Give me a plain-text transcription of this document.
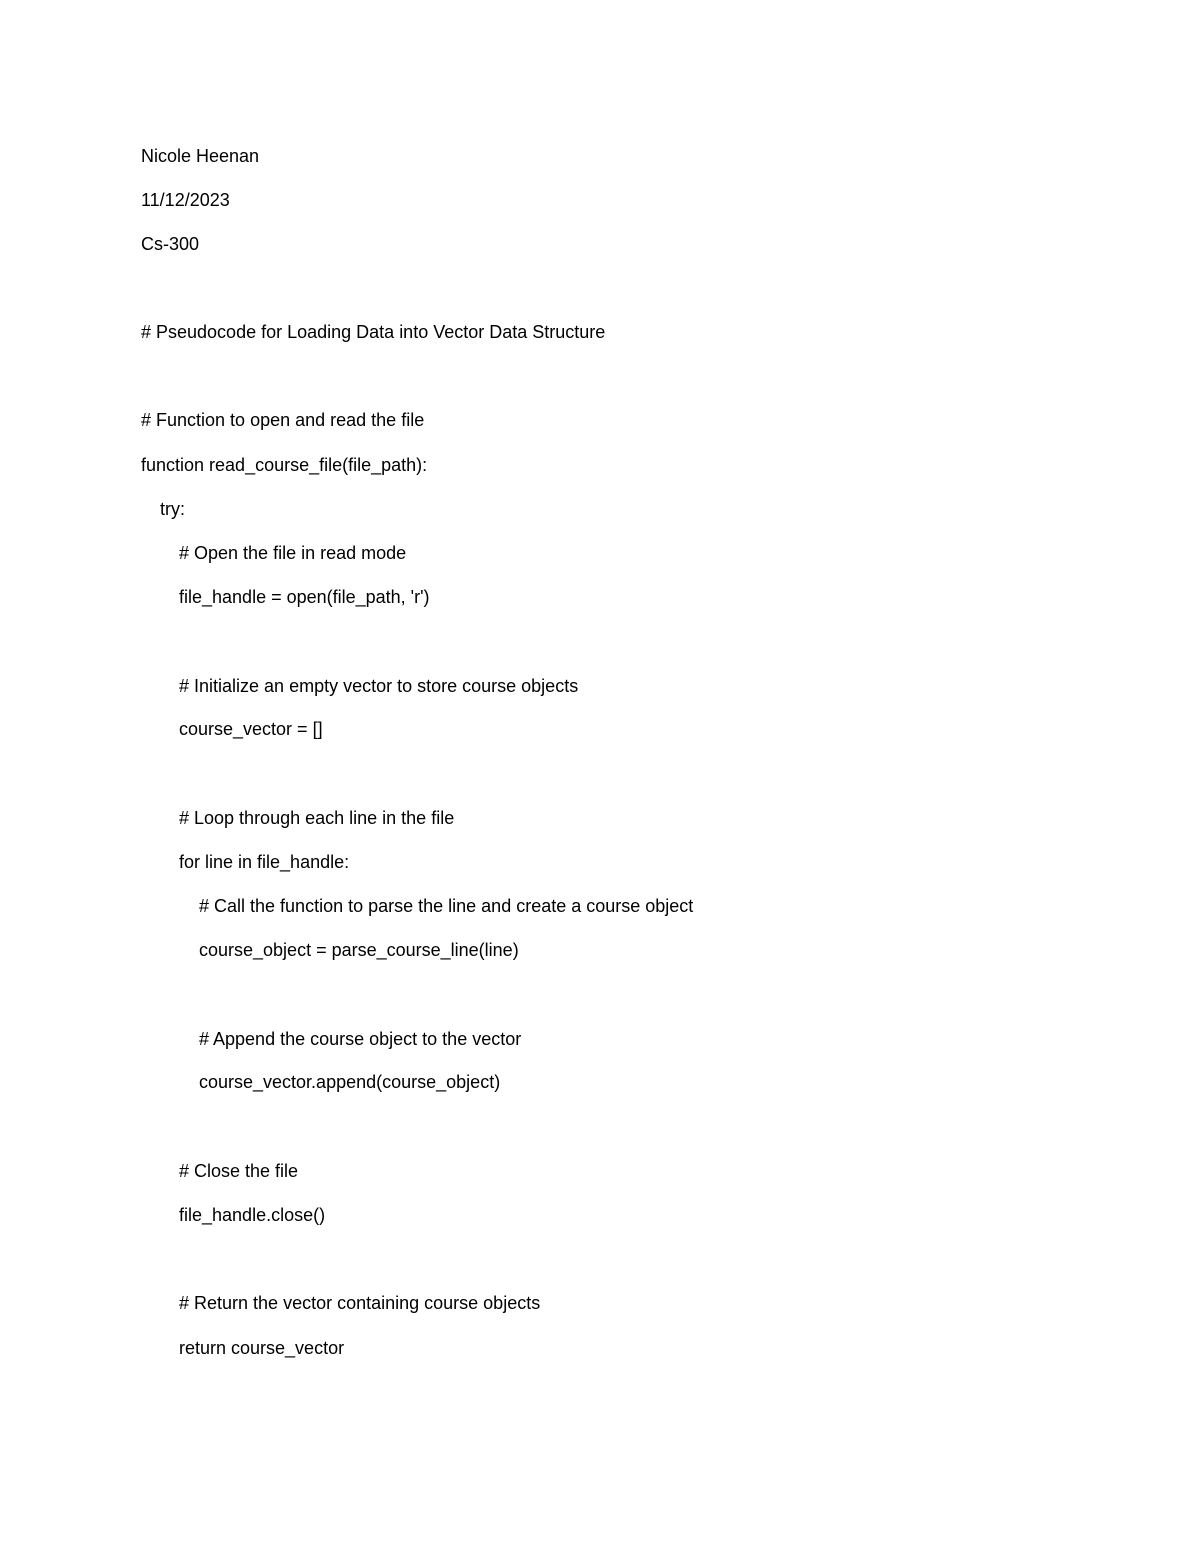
Nicole Heenan
11/12/2023
Cs-300
# Pseudocode for Loading Data into Vector Data Structure
# Function to open and read the file
function read_course_file(file_path):
try:
# Open the file in read mode
file_handle = open(file_path, 'r')
# Initialize an empty vector to store course objects
course_vector = []
# Loop through each line in the file
for line in file_handle:
# Call the function to parse the line and create a course object
course_object = parse_course_line(line)
# Append the course object to the vector
course_vector.append(course_object)
# Close the file
file_handle.close()
# Return the vector containing course objects
return course_vector
